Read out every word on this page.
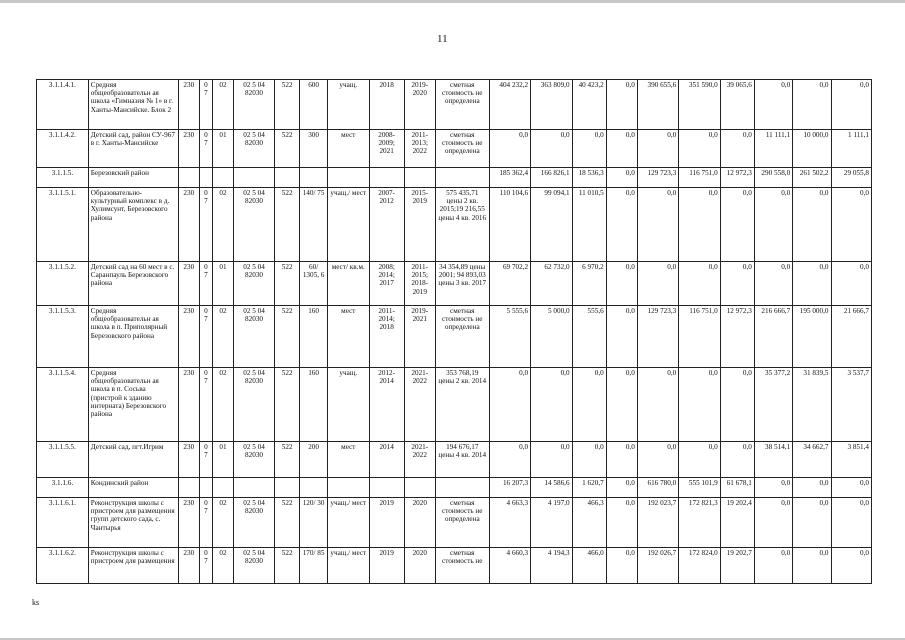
11
3.1.1.4.1.	Средняя общеобразовательн ая школа «Гимназия № 1» в г. Ханты-Мансийске. Блок 2	230	0 7	02	02 5 04 82030	522	600	учащ.	2018	2019-2020	сметная стоимость не определена	404 232,2	363 809,0	40 423,2	0,0	390 655,6	351 590,0	39 065,6	0,0	0,0	0,0
3.1.1.4.2.	Детский сад, район СУ-967 в г. Ханты-Мансийске	230	0 7	01	02 5 04 82030	522	300	мест	2008-2009; 2021	2011-2013; 2022	сметная стоимость не определена	0,0	0,0	0,0	0,0	0,0	0,0	0,0	11 111,1	10 000,0	1 111,1
3.1.1.5.	Березовский район											185 362,4	166 826,1	18 536,3	0,0	129 723,3	116 751,0	12 972,3	290 558,0	261 502,2	29 055,8
3.1.1.5.1.	Образовательно-культурный комплекс в д. Хулимсунт, Березовского района	230	0 7	02	02 5 04 82030	522	140/ 75	учащ./ мест	2007-2012	2015-2019	575 435,71 цены 2 кв. 2015;19 216,55 цены 4 кв. 2016	110 104,6	99 094,1	11 010,5	0,0	0,0	0,0	0,0	0,0	0,0	0,0
3.1.1.5.2.	Детский сад на 60 мест в с. Саранпауль Березовского района	230	0 7	01	02 5 04 82030	522	60/ 1305, 6	мест/ кв.м.	2008; 2014; 2017	2011-2015; 2018-2019	34 354,89 цены 2001; 94 893,03 цены 3 кв. 2017	69 702,2	62 732,0	6 970,2	0,0	0,0	0,0	0,0	0,0	0,0	0,0
3.1.1.5.3.	Средняя общеобразовательн ая школа в п. Приполярный Березовского района	230	0 7	02	02 5 04 82030	522	160	мест	2011-2014; 2018	2019-2021	сметная стоимость не определена	5 555,6	5 000,0	555,6	0,0	129 723,3	116 751,0	12 972,3	216 666,7	195 000,0	21 666,7
3.1.1.5.4.	Средняя общеобразовательн ая школа в п. Сосьва (пристрой к зданию интерната) Березовского района	230	0 7	02	02 5 04 82030	522	160	учащ.	2012-2014	2021-2022	353 768,19 цены 2 кв. 2014	0,0	0,0	0,0	0,0	0,0	0,0	0,0	35 377,2	31 839,5	3 537,7
3.1.1.5.5.	Детский сад, пгт.Игрим	230	0 7	01	02 5 04 82030	522	200	мест	2014	2021-2022	194 676,17 цены 4 кв. 2014	0,0	0,0	0,0	0,0	0,0	0,0	0,0	38 514,1	34 662,7	3 851,4
3.1.1.6.	Кондинский район											16 207,3	14 586,6	1 620,7	0,0	616 780,0	555 101,9	61 678,1	0,0	0,0	0,0
3.1.1.6.1.	Реконструкция школы с пристроем для размещения групп детского сада, с. Чантырья	230	0 7	02	02 5 04 82030	522	120/ 30	учащ./ мест	2019	2020	сметная стоимость не определена	4 663,3	4 197,0	466,3	0,0	192 023,7	172 821,3	19 202,4	0,0	0,0	0,0
3.1.1.6.2.	Реконструкция школы с пристроем для размещения	230	0 7	02	02 5 04 82030	522	170/ 85	учащ./ мест	2019	2020	сметная стоимость не	4 660,3	4 194,3	466,0	0,0	192 026,7	172 824,0	19 202,7	0,0	0,0	0,0
ks
